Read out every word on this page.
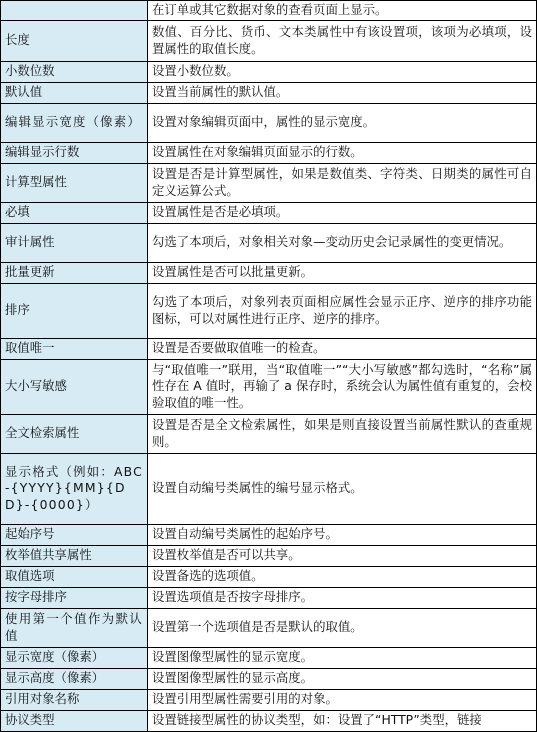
	在订单或其它数据对象的查看页面上显示。
长度	数值、百分比、货币、文本类属性中有该设置项，该项为必填项，设置属性的取值长度。
小数位数	设置小数位数。
默认值	设置当前属性的默认值。
编辑显示宽度（像素）	设置对象编辑页面中，属性的显示宽度。
编辑显示行数	设置属性在对象编辑页面显示的行数。
计算型属性	设置是否是计算型属性，如果是数值类、字符类、日期类的属性可自定义运算公式。
必填	设置属性是否是必填项。
审计属性	勾选了本项后，对象相关对象—变动历史会记录属性的变更情况。
批量更新	设置属性是否可以批量更新。
排序	勾选了本项后，对象列表页面相应属性会显示正序、逆序的排序功能图标，可以对属性进行正序、逆序的排序。
取值唯一	设置是否要做取值唯一的检查。
大小写敏感	与“取值唯一”联用，当“取值唯一”“大小写敏感”都勾选时，“名称”属性存在 A 值时，再输了 a 保存时，系统会认为属性值有重复的，会校验取值的唯一性。
全文检索属性	设置是否是全文检索属性，如果是则直接设置当前属性默认的查重规则。
显示格式（例如：ABC-{YYYY}{MM}{DD}-{0000}）	设置自动编号类属性的编号显示格式。
起始序号	设置自动编号类属性的起始序号。
枚举值共享属性	设置枚举值是否可以共享。
取值选项	设置备选的选项值。
按字母排序	设置选项值是否按字母排序。
使用第一个值作为默认值	设置第一个选项值是否是默认的取值。
显示宽度（像素）	设置图像型属性的显示宽度。
显示高度（像素）	设置图像型属性的显示高度。
引用对象名称	设置引用型属性需要引用的对象。
协议类型	设置链接型属性的协议类型，如：设置了“HTTP”类型，链接
